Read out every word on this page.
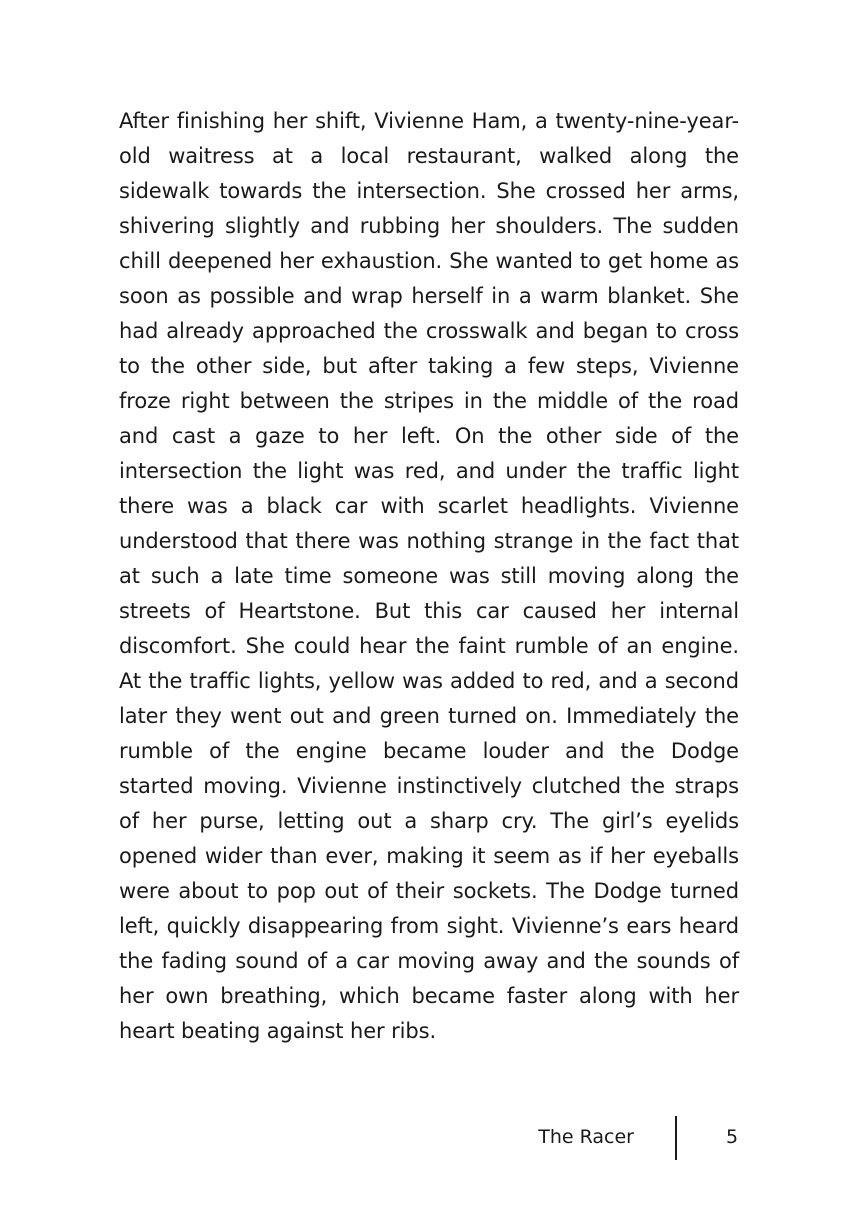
After finishing her shift, Vivienne Ham, a twenty-nine-year-old waitress at a local restaurant, walked along the sidewalk towards the intersection. She crossed her arms, shivering slightly and rubbing her shoulders. The sudden chill deepened her exhaustion. She wanted to get home as soon as possible and wrap herself in a warm blanket. She had already approached the crosswalk and began to cross to the other side, but after taking a few steps, Vivienne froze right between the stripes in the middle of the road and cast a gaze to her left. On the other side of the intersection the light was red, and under the traffic light there was a black car with scarlet headlights. Vivienne understood that there was nothing strange in the fact that at such a late time someone was still moving along the streets of Heartstone. But this car caused her internal discomfort. She could hear the faint rumble of an engine. At the traffic lights, yellow was added to red, and a second later they went out and green turned on. Immediately the rumble of the engine became louder and the Dodge started moving. Vivienne instinctively clutched the straps of her purse, letting out a sharp cry. The girl’s eyelids opened wider than ever, making it seem as if her eyeballs were about to pop out of their sockets. The Dodge turned left, quickly disappearing from sight. Vivienne’s ears heard the fading sound of a car moving away and the sounds of her own breathing, which became faster along with her heart beating against her ribs.

The Racer	5
